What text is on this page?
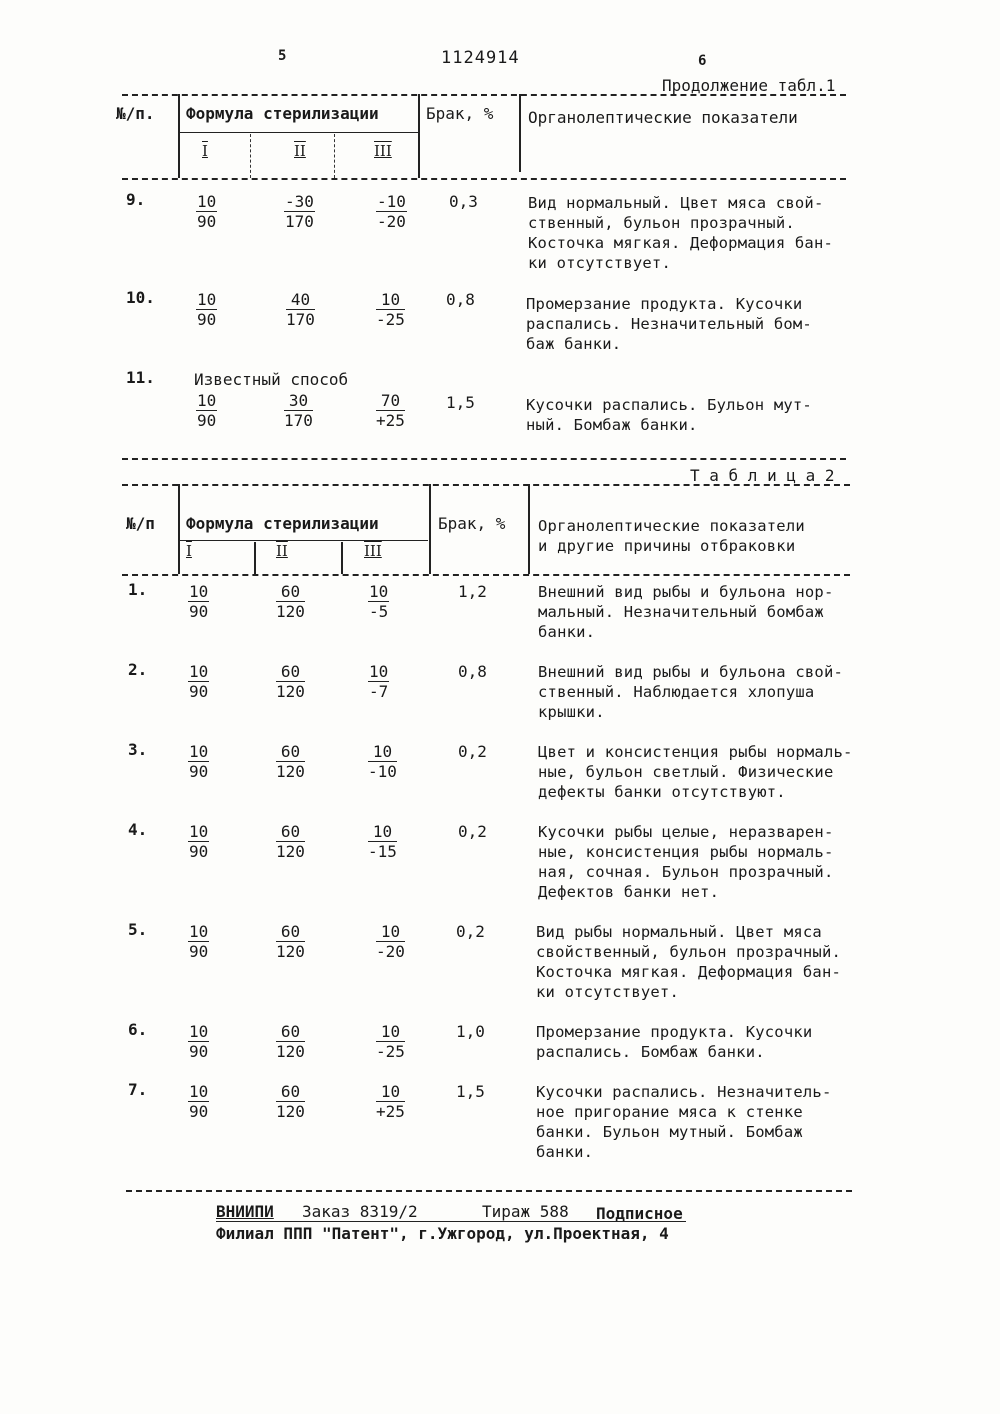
5	1124914	6
Продолжение табл.1
№/п. Формула стерилизации	Брак, % Органолептические показатели
I	II	III
9.	$\frac{10}{90}$	$\frac{-30}{170}$	$\frac{-10}{-20}$	0,3	Вид нормальный. Цвет мяса свой-
ственный, бульон прозрачный.
Косточка мягкая. Деформация бан-
ки отсутствует.
10.	$\frac{10}{90}$	$\frac{40}{170}$	$\frac{10}{-25}$	0,8	Промерзание продукта. Кусочки
распались. Незначительный бом-
баж банки.
11. Известный способ
$\frac{10}{90}$	$\frac{30}{170}$	$\frac{70}{+25}$	1,5	Кусочки распались. Бульон мут-
ный. Бомбаж банки.
Т а б л и ц а 2
№/п Формула стерилизации	Брак, % Органолептические показатели
и другие причины отбраковки
I	II	III
1.	$\frac{10}{90}$	$\frac{60}{120}$	$\frac{10}{-5}$	1,2	Внешний вид рыбы и бульона нор-
мальный. Незначительный бомбаж
банки.
2.	$\frac{10}{90}$	$\frac{60}{120}$	$\frac{10}{-7}$	0,8	Внешний вид рыбы и бульона свой-
ственный. Наблюдается хлопуша
крышки.
3.	$\frac{10}{90}$	$\frac{60}{120}$	$\frac{10}{-10}$	0,2	Цвет и консистенция рыбы нормаль-
ные, бульон светлый. Физические
дефекты банки отсутствуют.
4.	$\frac{10}{90}$	$\frac{60}{120}$	$\frac{10}{-15}$	0,2	Кусочки рыбы целые, неразварен-
ные, консистенция рыбы нормаль-
ная, сочная. Бульон прозрачный.
Дефектов банки нет.
5.	$\frac{10}{90}$	$\frac{60}{120}$	$\frac{10}{-20}$	0,2	Вид рыбы нормальный. Цвет мяса
свойственный, бульон прозрачный.
Косточка мягкая. Деформация бан-
ки отсутствует.
6.	$\frac{10}{90}$	$\frac{60}{120}$	$\frac{10}{-25}$	1,0	Промерзание продукта. Кусочки
распались. Бомбаж банки.
7.	$\frac{10}{90}$	$\frac{60}{120}$	$\frac{10}{+25}$	1,5	Кусочки распались. Незначитель-
ное пригорание мяса к стенке
банки. Бульон мутный. Бомбаж
банки.
ВНИИПИ Заказ 8319/2	Тираж 588 Подписное
Филиал ППП "Патент", г.Ужгород, ул.Проектная, 4
